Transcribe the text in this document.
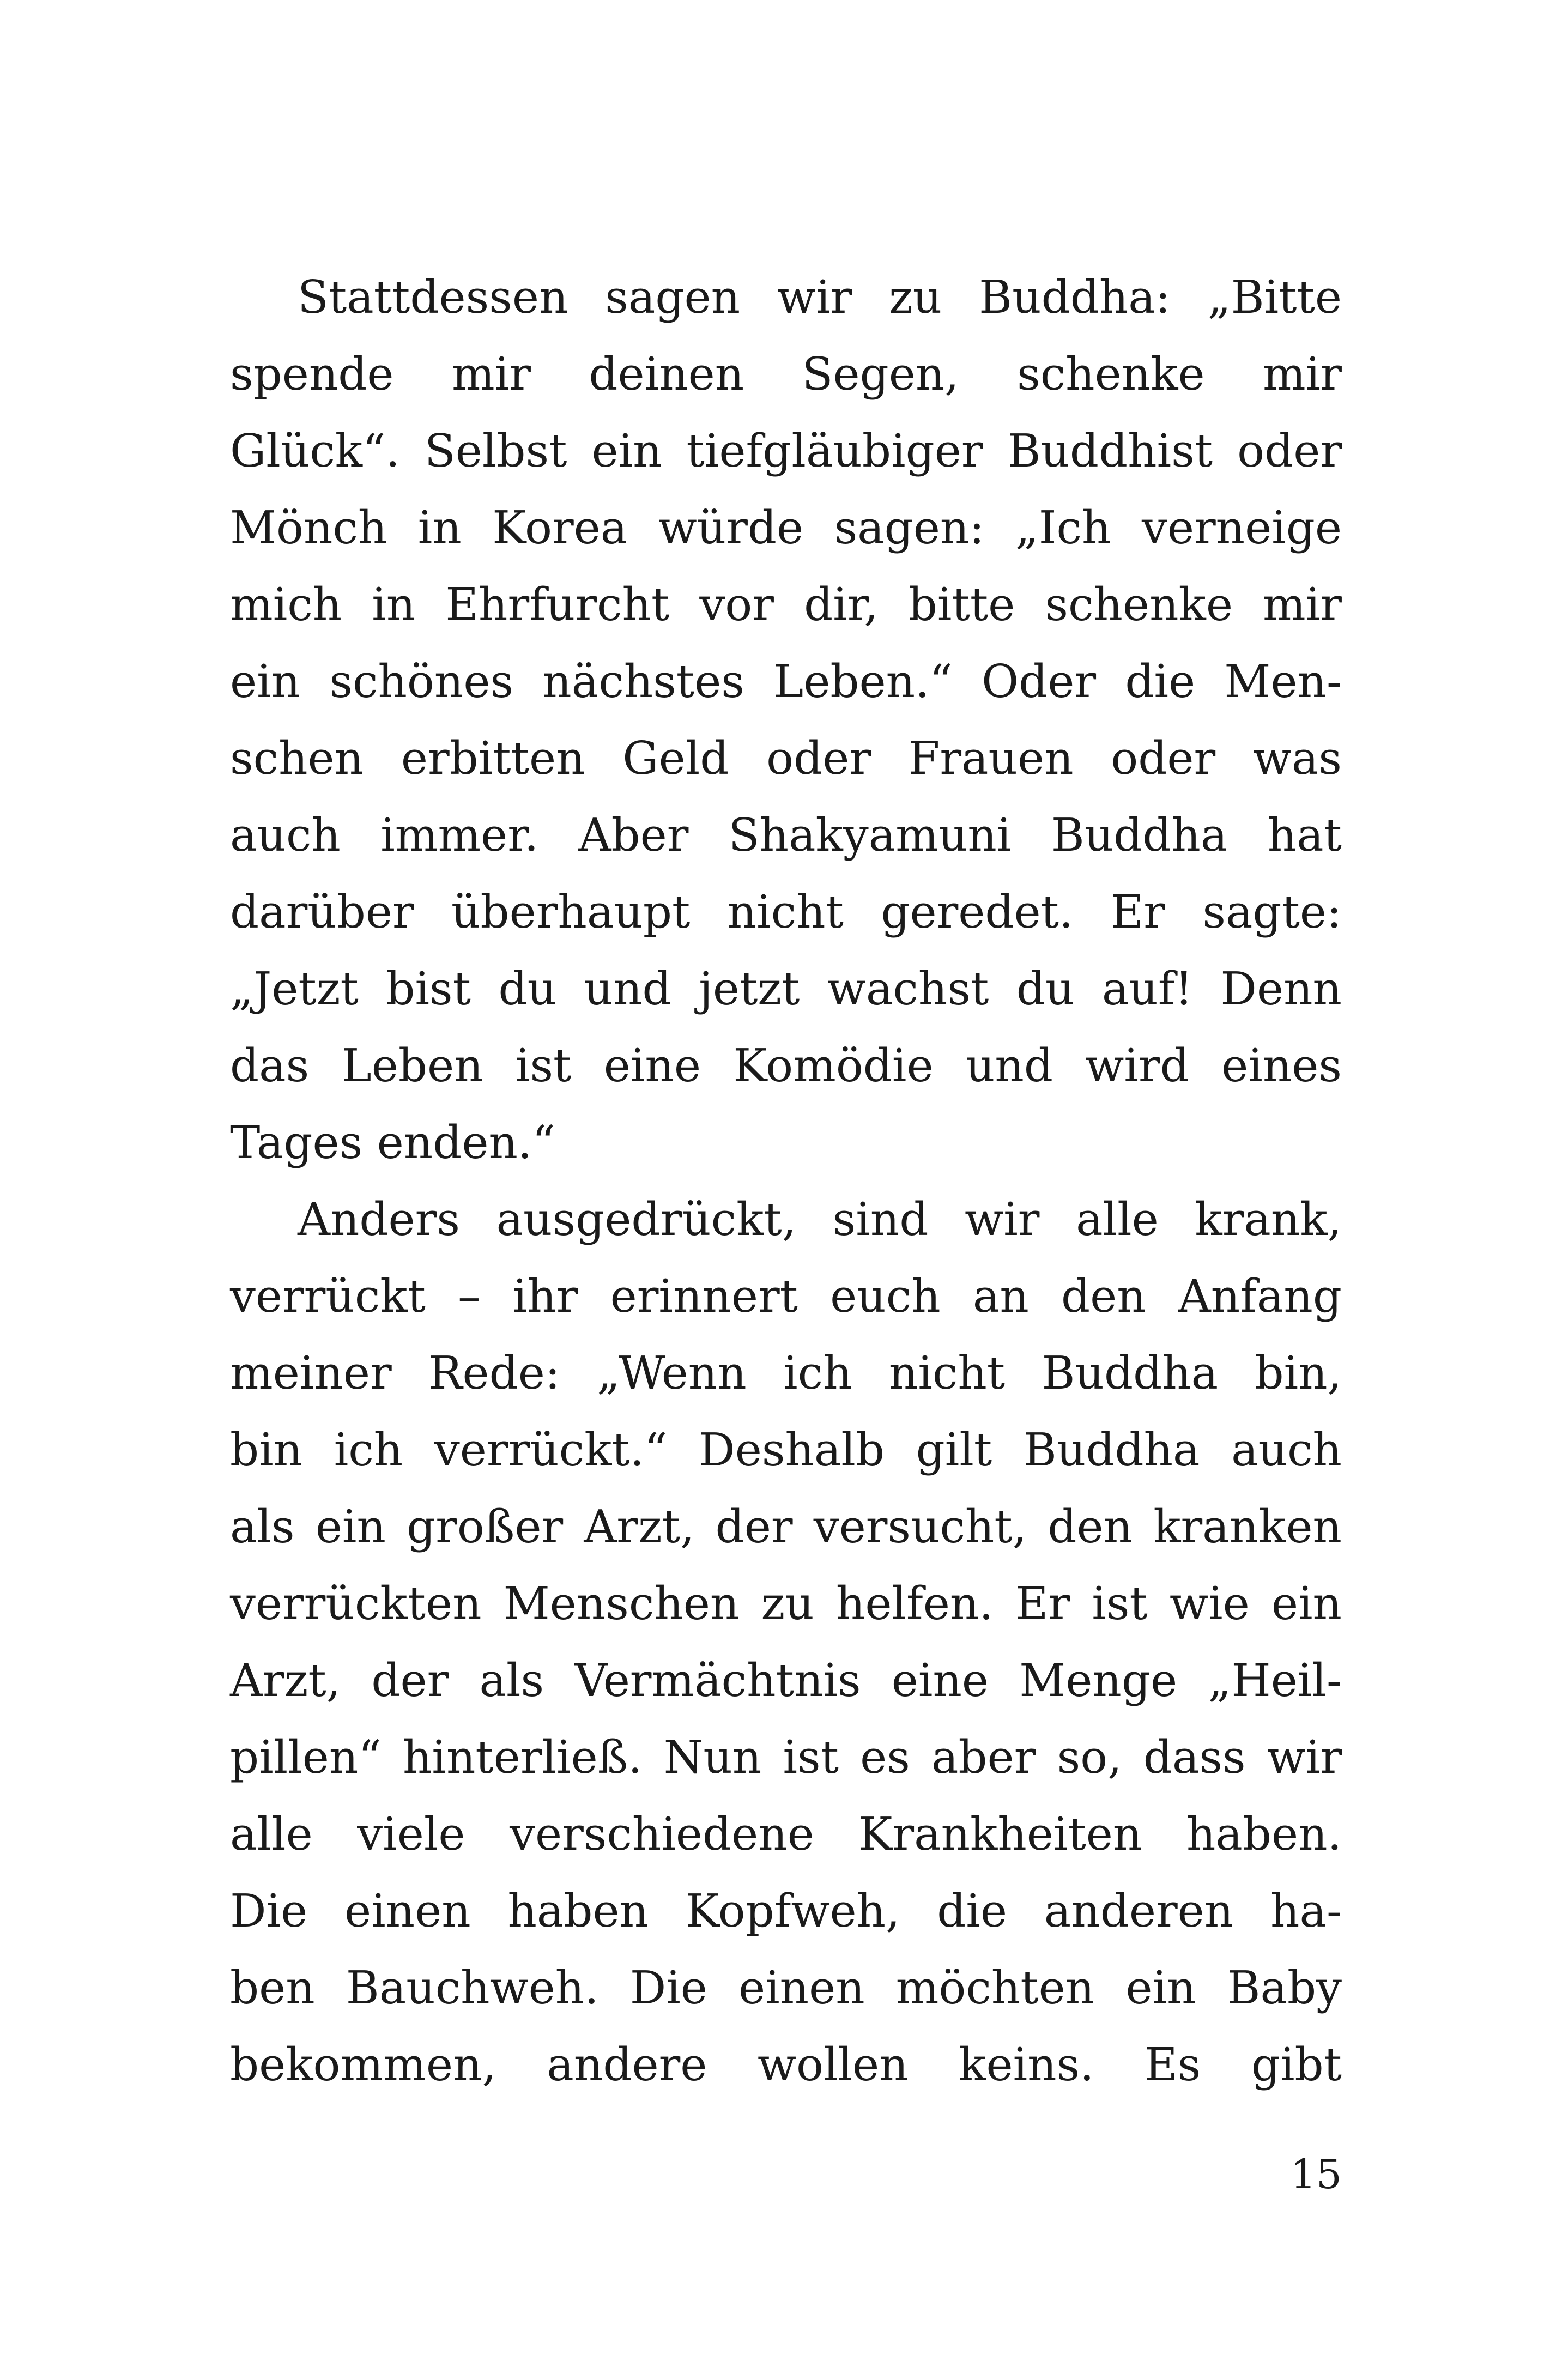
Stattdessen sagen wir zu Buddha: „Bitte
spende mir deinen Segen, schenke mir
Glück“. Selbst ein tiefgläubiger Buddhist oder
Mönch in Korea würde sagen: „Ich verneige
mich in Ehrfurcht vor dir, bitte schenke mir
ein schönes nächstes Leben.“ Oder die Men-
schen erbitten Geld oder Frauen oder was
auch immer. Aber Shakyamuni Buddha hat
darüber überhaupt nicht geredet. Er sagte:
„Jetzt bist du und jetzt wachst du auf! Denn
das Leben ist eine Komödie und wird eines
Tages enden.“
Anders ausgedrückt, sind wir alle krank,
verrückt – ihr erinnert euch an den Anfang
meiner Rede: „Wenn ich nicht Buddha bin,
bin ich verrückt.“ Deshalb gilt Buddha auch
als ein großer Arzt, der versucht, den kranken
verrückten Menschen zu helfen. Er ist wie ein
Arzt, der als Vermächtnis eine Menge „Heil-
pillen“ hinterließ. Nun ist es aber so, dass wir
alle viele verschiedene Krankheiten haben.
Die einen haben Kopfweh, die anderen ha-
ben Bauchweh. Die einen möchten ein Baby
bekommen, andere wollen keins. Es gibt
15
